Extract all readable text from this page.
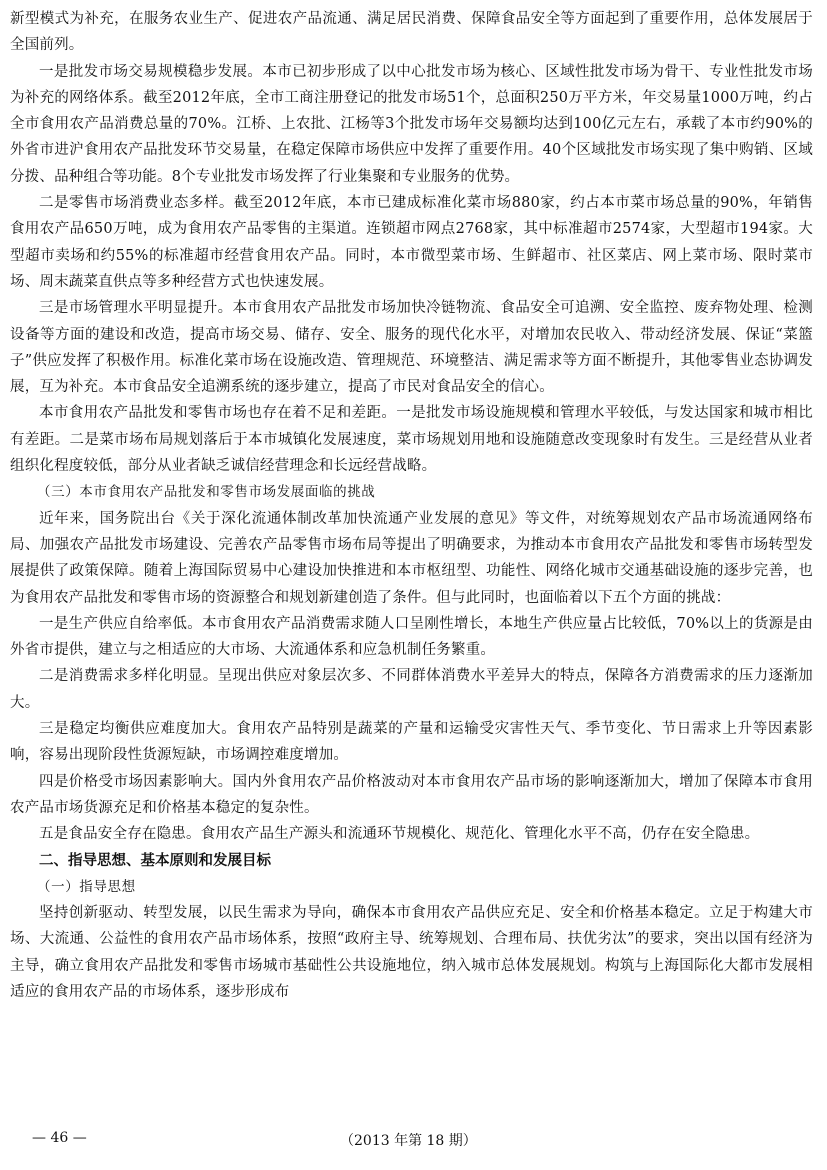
新型模式为补充，在服务农业生产、促进农产品流通、满足居民消费、保障食品安全等方面起到了重要作用，总体发展居于全国前列。

一是批发市场交易规模稳步发展。本市已初步形成了以中心批发市场为核心、区域性批发市场为骨干、专业性批发市场为补充的网络体系。截至2012年底，全市工商注册登记的批发市场51个，总面积250万平方米，年交易量1000万吨，约占全市食用农产品消费总量的70%。江桥、上农批、江杨等3个批发市场年交易额均达到100亿元左右，承载了本市约90%的外省市进沪食用农产品批发环节交易量，在稳定保障市场供应中发挥了重要作用。40个区域批发市场实现了集中购销、区域分拨、品种组合等功能。8个专业批发市场发挥了行业集聚和专业服务的优势。

二是零售市场消费业态多样。截至2012年底，本市已建成标准化菜市场880家，约占本市菜市场总量的90%，年销售食用农产品650万吨，成为食用农产品零售的主渠道。连锁超市网点2768家，其中标准超市2574家，大型超市194家。大型超市卖场和约55%的标准超市经营食用农产品。同时，本市微型菜市场、生鲜超市、社区菜店、网上菜市场、限时菜市场、周末蔬菜直供点等多种经营方式也快速发展。

三是市场管理水平明显提升。本市食用农产品批发市场加快冷链物流、食品安全可追溯、安全监控、废弃物处理、检测设备等方面的建设和改造，提高市场交易、储存、安全、服务的现代化水平，对增加农民收入、带动经济发展、保证“菜篮子”供应发挥了积极作用。标准化菜市场在设施改造、管理规范、环境整洁、满足需求等方面不断提升，其他零售业态协调发展，互为补充。本市食品安全追溯系统的逐步建立，提高了市民对食品安全的信心。

本市食用农产品批发和零售市场也存在着不足和差距。一是批发市场设施规模和管理水平较低，与发达国家和城市相比有差距。二是菜市场布局规划落后于本市城镇化发展速度，菜市场规划用地和设施随意改变现象时有发生。三是经营从业者组织化程度较低，部分从业者缺乏诚信经营理念和长远经营战略。

（三）本市食用农产品批发和零售市场发展面临的挑战

近年来，国务院出台《关于深化流通体制改革加快流通产业发展的意见》等文件，对统筹规划农产品市场流通网络布局、加强农产品批发市场建设、完善农产品零售市场布局等提出了明确要求，为推动本市食用农产品批发和零售市场转型发展提供了政策保障。随着上海国际贸易中心建设加快推进和本市枢纽型、功能性、网络化城市交通基础设施的逐步完善，也为食用农产品批发和零售市场的资源整合和规划新建创造了条件。但与此同时，也面临着以下五个方面的挑战：

一是生产供应自给率低。本市食用农产品消费需求随人口呈刚性增长，本地生产供应量占比较低，70%以上的货源是由外省市提供，建立与之相适应的大市场、大流通体系和应急机制任务繁重。

二是消费需求多样化明显。呈现出供应对象层次多、不同群体消费水平差异大的特点，保障各方消费需求的压力逐渐加大。

三是稳定均衡供应难度加大。食用农产品特别是蔬菜的产量和运输受灾害性天气、季节变化、节日需求上升等因素影响，容易出现阶段性货源短缺，市场调控难度增加。

四是价格受市场因素影响大。国内外食用农产品价格波动对本市食用农产品市场的影响逐渐加大，增加了保障本市食用农产品市场货源充足和价格基本稳定的复杂性。

五是食品安全存在隐患。食用农产品生产源头和流通环节规模化、规范化、管理化水平不高，仍存在安全隐患。

二、指导思想、基本原则和发展目标

（一）指导思想

坚持创新驱动、转型发展，以民生需求为导向，确保本市食用农产品供应充足、安全和价格基本稳定。立足于构建大市场、大流通、公益性的食用农产品市场体系，按照“政府主导、统筹规划、合理布局、扶优劣汰”的要求，突出以国有经济为主导，确立食用农产品批发和零售市场城市基础性公共设施地位，纳入城市总体发展规划。构筑与上海国际化大都市发展相适应的食用农产品的市场体系，逐步形成布

— 46 —	（2013 年第 18 期）
